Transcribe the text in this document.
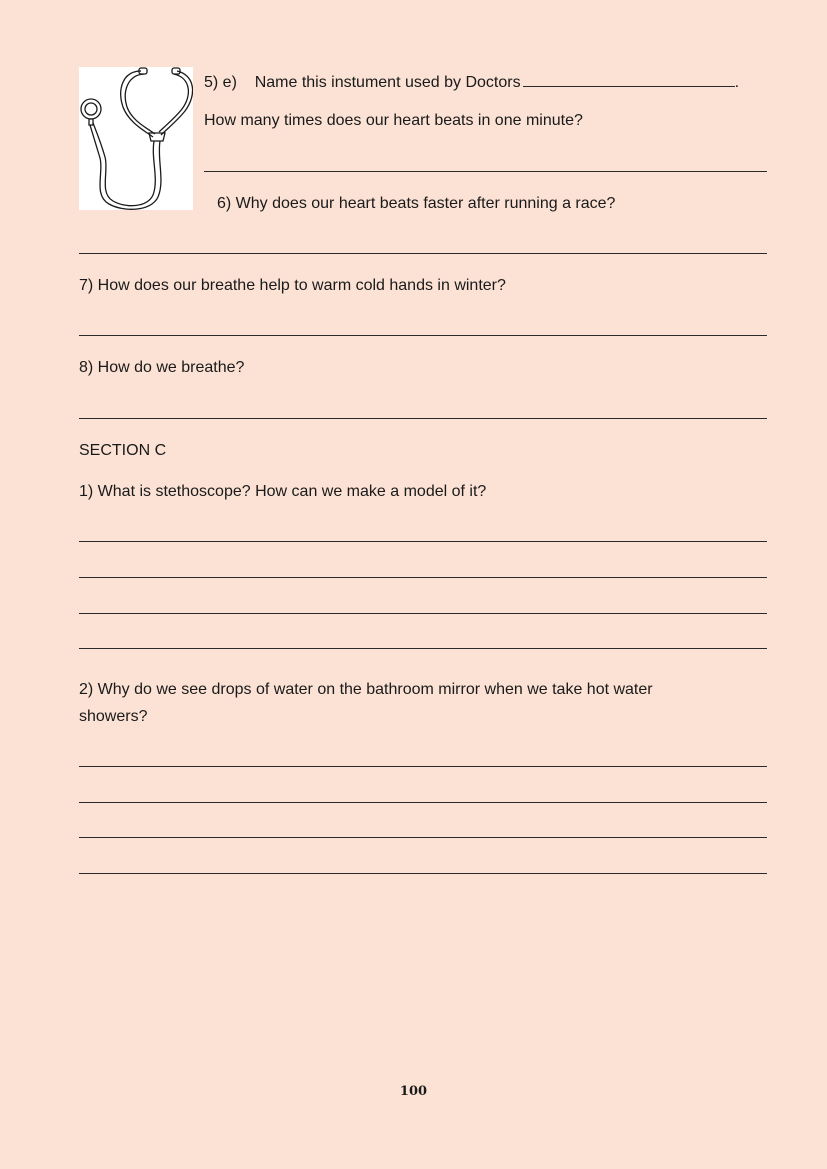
5) e) Name this instument used by Doctors	.
How many times does our heart beats in one minute?
6) Why does our heart beats faster after running a race?
7) How does our breathe help to warm cold hands in winter?
8) How do we breathe?
SECTION C
1) What is stethoscope? How can we make a model of it?
2) Why do we see drops of water on the bathroom mirror when we take hot water
showers?
100
